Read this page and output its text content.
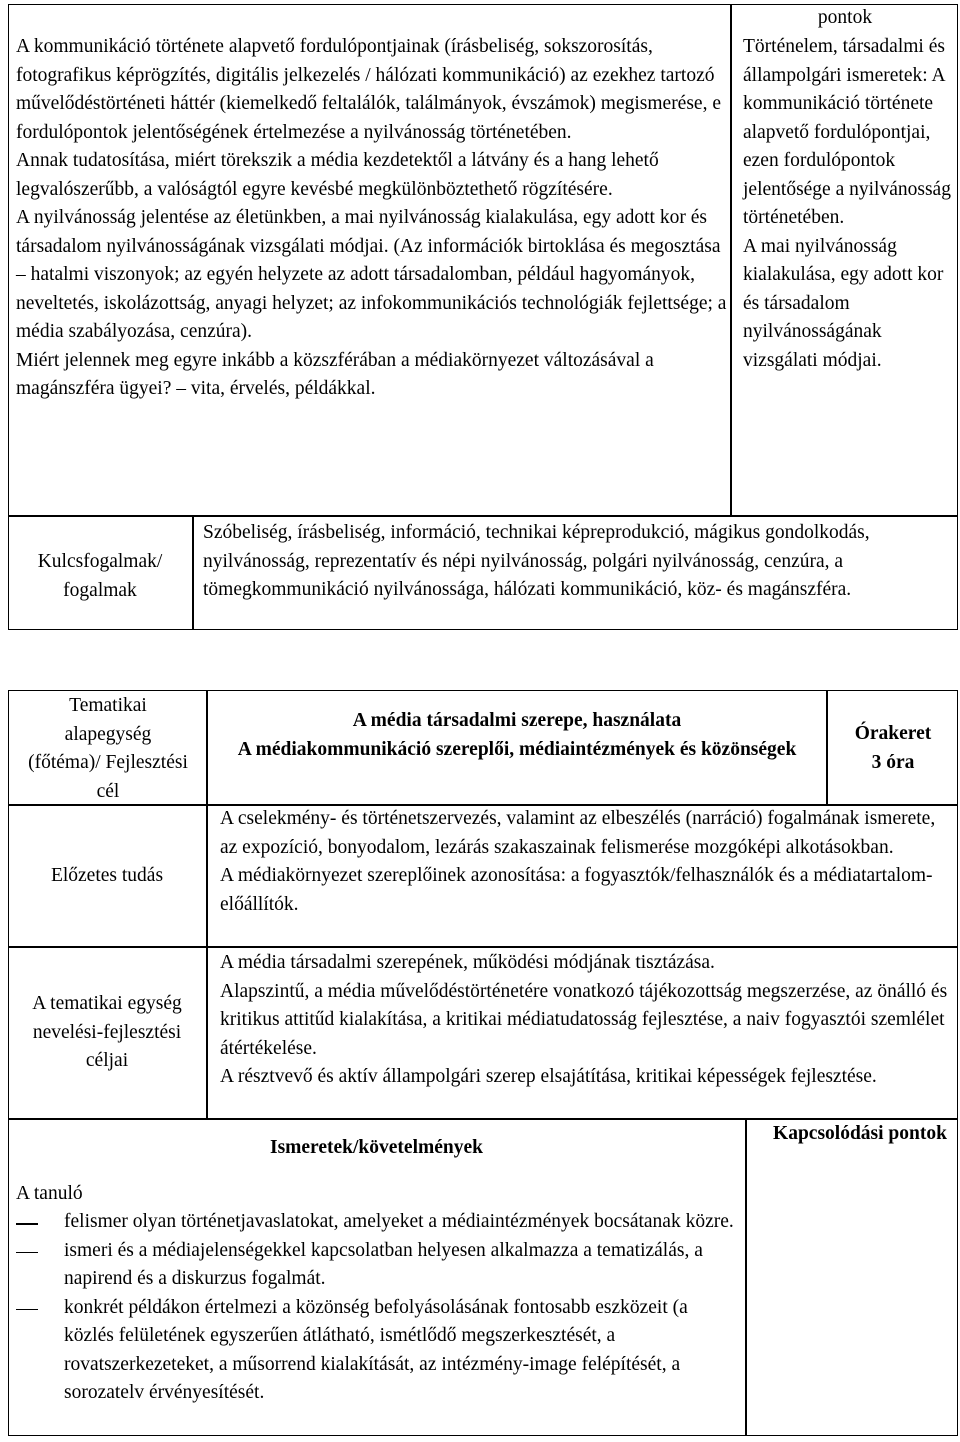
pontok

A kommunikáció története alapvető fordulópontjainak (írásbeliség, sokszorosítás, fotografikus képrögzítés, digitális jelkezelés / hálózati kommunikáció) az ezekhez tartozó művelődéstörténeti háttér (kiemelkedő feltalálók, találmányok, évszámok) megismerése, e fordulópontok jelentőségének értelmezése a nyilvánosság történetében.

Annak tudatosítása, miért törekszik a média kezdetektől a látvány és a hang lehető legvalószerűbb, a valóságtól egyre kevésbé megkülönböztethető rögzítésére.

A nyilvánosság jelentése az életünkben, a mai nyilvánosság kialakulása, egy adott kor és társadalom nyilvánosságának vizsgálati módjai. (Az információk birtoklása és megosztása – hatalmi viszonyok; az egyén helyzete az adott társadalomban, például hagyományok, neveltetés, iskolázottság, anyagi helyzet; az infokommunikációs technológiák fejlettsége; a média szabályozása, cenzúra).

Miért jelennek meg egyre inkább a közszférában a médiakörnyezet változásával a magánszféra ügyei? – vita, érvelés, példákkal.

Történelem, társadalmi és állampolgári ismeretek: A kommunikáció története alapvető fordulópontjai, ezen fordulópontok jelentősége a nyilvánosság történetében.

A mai nyilvánosság kialakulása, egy adott kor és társadalom nyilvánosságának vizsgálati módjai.

Kulcsfogalmak/ fogalmak
Szóbeliség, írásbeliség, információ, technikai képreprodukció, mágikus gondolkodás, nyilvánosság, reprezentatív és népi nyilvánosság, polgári nyilvánosság, cenzúra, a tömegkommunikáció nyilvánossága, hálózati kommunikáció, köz- és magánszféra.
Tematikai alapegység (főtéma)/ Fejlesztési cél
A média társadalmi szerepe, használata
A médiakommunikáció szereplői, médiaintézmények és közönségek
Órakeret
3 óra
Előzetes tudás

A cselekmény- és történetszervezés, valamint az elbeszélés (narráció) fogalmának ismerete, az expozíció, bonyodalom, lezárás szakaszainak felismerése mozgóképi alkotásokban.

A médiakörnyezet szereplőinek azonosítása: a fogyasztók/felhasználók és a médiatartalom-előállítók.

A tematikai egység nevelési-fejlesztési céljai

A média társadalmi szerepének, működési módjának tisztázása.

Alapszintű, a média művelődéstörténetére vonatkozó tájékozottság megszerzése, az önálló és kritikus attitűd kialakítása, a kritikai médiatudatosság fejlesztése, a naiv fogyasztói szemlélet átértékelése.

A résztvevő és aktív állampolgári szerep elsajátítása, kritikai képességek fejlesztése.

Ismeretek/követelmények
Kapcsolódási pontok
A tanuló
felismer olyan történetjavaslatokat, amelyeket a médiaintézmények bocsátanak közre.
ismeri és a médiajelenségekkel kapcsolatban helyesen alkalmazza a tematizálás, a napirend és a diskurzus fogalmát.
konkrét példákon értelmezi a közönség befolyásolásának fontosabb eszközeit (a közlés felületének egyszerűen átlátható, ismétlődő megszerkesztését, a rovatszerkezeteket, a műsorrend kialakítását, az intézmény-image felépítését, a sorozatelv érvényesítését.
